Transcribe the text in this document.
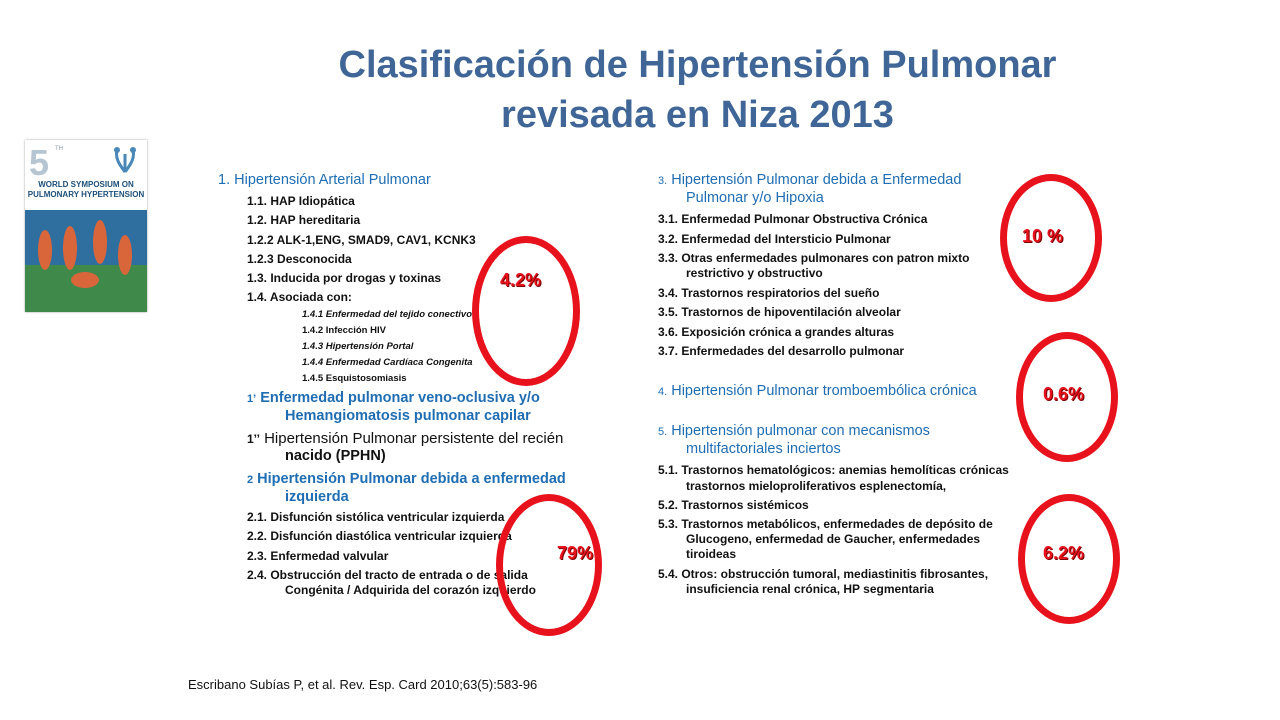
Clasificación de Hipertensión Pulmonar
revisada en Niza 2013
5 TH
WORLD SYMPOSIUM ON
PULMONARY HYPERTENSION
1. Hipertensión Arterial Pulmonar
1.1. HAP Idiopática
1.2. HAP hereditaria
1.2.2 ALK-1,ENG, SMAD9, CAV1, KCNK3
1.2.3 Desconocida
1.3. Inducida por drogas y toxinas
1.4. Asociada con:
1.4.1 Enfermedad del tejido conectivo
1.4.2 Infección HIV
1.4.3 Hipertensión Portal
1.4.4 Enfermedad Cardíaca Congenita
1.4.5 Esquistosomiasis
1’ Enfermedad pulmonar veno-oclusiva y/o
Hemangiomatosis pulmonar capilar
1’’ Hipertensión Pulmonar persistente del recién
nacido (PPHN)
2 Hipertensión Pulmonar debida a enfermedad
izquierda
2.1. Disfunción sistólica ventricular izquierda
2.2. Disfunción diastólica ventricular izquierda
2.3. Enfermedad valvular
2.4. Obstrucción del tracto de entrada o de salida
Congénita / Adquirida del corazón izquierdo
3. Hipertensión Pulmonar debida a Enfermedad
Pulmonar y/o Hipoxia
3.1. Enfermedad Pulmonar Obstructiva Crónica
3.2. Enfermedad del Intersticio Pulmonar
3.3. Otras enfermedades pulmonares con patron mixto
restrictivo y obstructivo
3.4. Trastornos respiratorios del sueño
3.5. Trastornos de hipoventilación alveolar
3.6. Exposición crónica a grandes alturas
3.7. Enfermedades del desarrollo pulmonar
4. Hipertensión Pulmonar tromboembólica crónica
5. Hipertensión pulmonar con mecanismos
multifactoriales inciertos
5.1. Trastornos hematológicos: anemias hemolíticas crónicas
trastornos mieloproliferativos esplenectomía,
5.2. Trastornos sistémicos
5.3. Trastornos metabólicos, enfermedades de depósito de
Glucogeno, enfermedad de Gaucher, enfermedades
tiroideas
5.4. Otros: obstrucción tumoral, mediastinitis fibrosantes,
insuficiencia renal crónica, HP segmentaria
4.2%
79%
10 %
0.6%
6.2%
Escribano Subías P, et al. Rev. Esp. Card 2010;63(5):583-96
